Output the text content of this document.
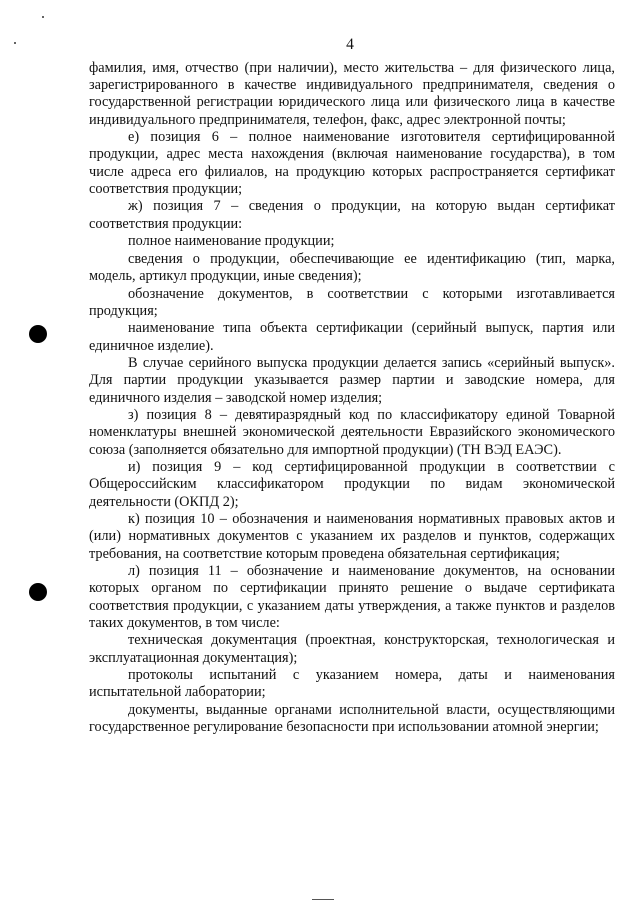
4

фамилия, имя, отчество (при наличии), место жительства – для физического лица, зарегистрированного в качестве индивидуального предпринимателя, сведения о государственной регистрации юридического лица или физического лица в качестве индивидуального предпринимателя, телефон, факс, адрес электронной почты;

е) позиция 6 – полное наименование изготовителя сертифицированной продукции, адрес места нахождения (включая наименование государства), в том числе адреса его филиалов, на продукцию которых распространяется сертификат соответствия продукции;

ж) позиция 7 – сведения о продукции, на которую выдан сертификат соответствия продукции:

полное наименование продукции;

сведения о продукции, обеспечивающие ее идентификацию (тип, марка, модель, артикул продукции, иные сведения);

обозначение документов, в соответствии с которыми изготавливается продукция;

наименование типа объекта сертификации (серийный выпуск, партия или единичное изделие).

В случае серийного выпуска продукции делается запись «серийный выпуск». Для партии продукции указывается размер партии и заводские номера, для единичного изделия – заводской номер изделия;

з) позиция 8 – девятиразрядный код по классификатору единой Товарной номенклатуры внешней экономической деятельности Евразийского экономического союза (заполняется обязательно для импортной продукции) (ТН ВЭД ЕАЭС).

и) позиция 9 – код сертифицированной продукции в соответствии с Общероссийским классификатором продукции по видам экономической деятельности (ОКПД 2);

к) позиция 10 – обозначения и наименования нормативных правовых актов и (или) нормативных документов с указанием их разделов и пунктов, содержащих требования, на соответствие которым проведена обязательная сертификация;

л) позиция 11 – обозначение и наименование документов, на основании которых органом по сертификации принято решение о выдаче сертификата соответствия продукции, с указанием даты утверждения, а также пунктов и разделов таких документов, в том числе:

техническая документация (проектная, конструкторская, технологическая и эксплуатационная документация);

протоколы испытаний с указанием номера, даты и наименования испытательной лаборатории;

документы, выданные органами исполнительной власти, осуществляющими государственное регулирование безопасности при использовании атомной энергии;
